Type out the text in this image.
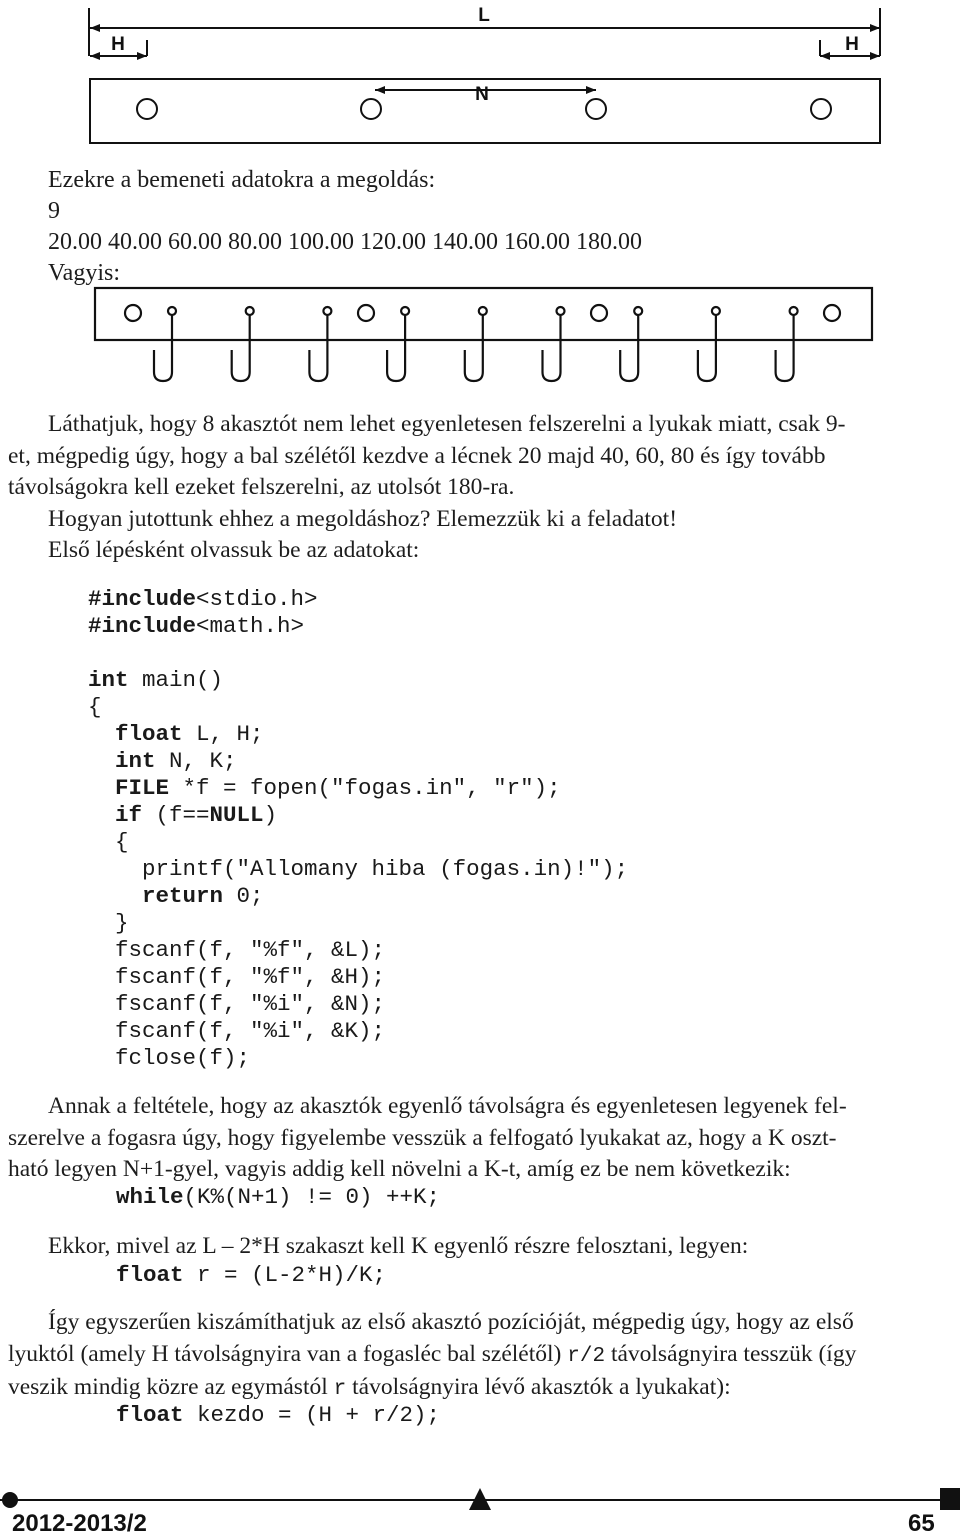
L
H	H
N
Ezekre a bemeneti adatokra a megoldás:
9
20.00 40.00 60.00 80.00 100.00 120.00 140.00 160.00 180.00
Vagyis:
Láthatjuk, hogy 8 akasztót nem lehet egyenletesen felszerelni a lyukak miatt, csak 9-
et, mégpedig úgy, hogy a bal szélétől kezdve a lécnek 20 majd 40, 60, 80 és így tovább
távolságokra kell ezeket felszerelni, az utolsót 180-ra.
Hogyan jutottunk ehhez a megoldáshoz? Elemezzük ki a feladatot!
Első lépésként olvassuk be az adatokat:
#include<stdio.h>
#include<math.h>

int main()
{
float L, H;
int N, K;
FILE *f = fopen("fogas.in", "r");
if (f==NULL)
{
printf("Allomany hiba (fogas.in)!");
return 0;
}
fscanf(f, "%f", &L);
fscanf(f, "%f", &H);
fscanf(f, "%i", &N);
fscanf(f, "%i", &K);
fclose(f);
Annak a feltétele, hogy az akasztók egyenlő távolságra és egyenletesen legyenek fel-
szerelve a fogasra úgy, hogy figyelembe vesszük a felfogató lyukakat az, hogy a K oszt-
ható legyen N+1-gyel, vagyis addig kell növelni a K-t, amíg ez be nem következik:
while(K%(N+1) != 0) ++K;
Ekkor, mivel az L – 2*H szakaszt kell K egyenlő részre felosztani, legyen:
float r = (L-2*H)/K;
Így egyszerűen kiszámíthatjuk az első akasztó pozícióját, mégpedig úgy, hogy az első
lyuktól (amely H távolságnyira van a fogasléc bal szélétől) r/2 távolságnyira tesszük (így
veszik mindig közre az egymástól r távolságnyira lévő akasztók a lyukakat):
float kezdo = (H + r/2);
2012-2013/2	65
